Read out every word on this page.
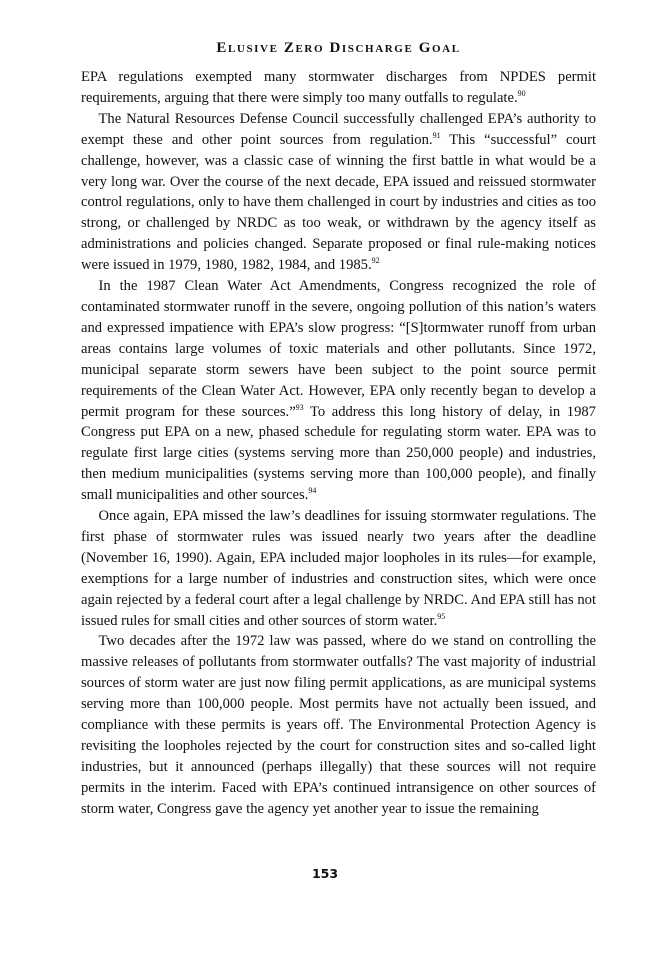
Elusive Zero Discharge Goal

EPA regulations exempted many stormwater discharges from NPDES permit requirements, arguing that there were simply too many outfalls to regulate.$^{90}$

The Natural Resources Defense Council successfully challenged EPA’s authority to exempt these and other point sources from regulation.$^{91}$ This “successful” court challenge, however, was a classic case of winning the first battle in what would be a very long war. Over the course of the next decade, EPA issued and reissued stormwater control regulations, only to have them challenged in court by industries and cities as too strong, or challenged by NRDC as too weak, or withdrawn by the agency itself as administrations and policies changed. Separate proposed or final rule-making notices were issued in 1979, 1980, 1982, 1984, and 1985.92

In the 1987 Clean Water Act Amendments, Congress recognized the role of contaminated stormwater runoff in the severe, ongoing pollution of this nation’s waters and expressed impatience with EPA’s slow progress: “[S]tormwater runoff from urban areas contains large volumes of toxic materials and other pollutants. Since 1972, municipal separate storm sewers have been subject to the point source permit requirements of the Clean Water Act. However, EPA only recently began to develop a permit program for these sources.”$^{93}$ To address this long history of delay, in 1987 Congress put EPA on a new, phased schedule for regulating storm water. EPA was to regulate first large cities (systems serving more than 250,000 people) and industries, then medium municipalities (systems serving more than 100,000 people), and finally small municipalities and other sources.$^{94}$

Once again, EPA missed the law’s deadlines for issuing stormwater regulations. The first phase of stormwater rules was issued nearly two years after the deadline (November 16, 1990). Again, EPA included major loopholes in its rules—for example, exemptions for a large number of industries and construction sites, which were once again rejected by a federal court after a legal challenge by NRDC. And EPA still has not issued rules for small cities and other sources of storm water.$^{95}$

Two decades after the 1972 law was passed, where do we stand on controlling the massive releases of pollutants from stormwater outfalls? The vast majority of industrial sources of storm water are just now filing permit applications, as are municipal systems serving more than 100,000 people. Most permits have not actually been issued, and compliance with these permits is years off. The Environmental Protection Agency is revisiting the loopholes rejected by the court for construction sites and so-called light industries, but it announced (perhaps illegally) that these sources will not require permits in the interim. Faced with EPA’s continued intransigence on other sources of storm water, Congress gave the agency yet another year to issue the remaining

153
